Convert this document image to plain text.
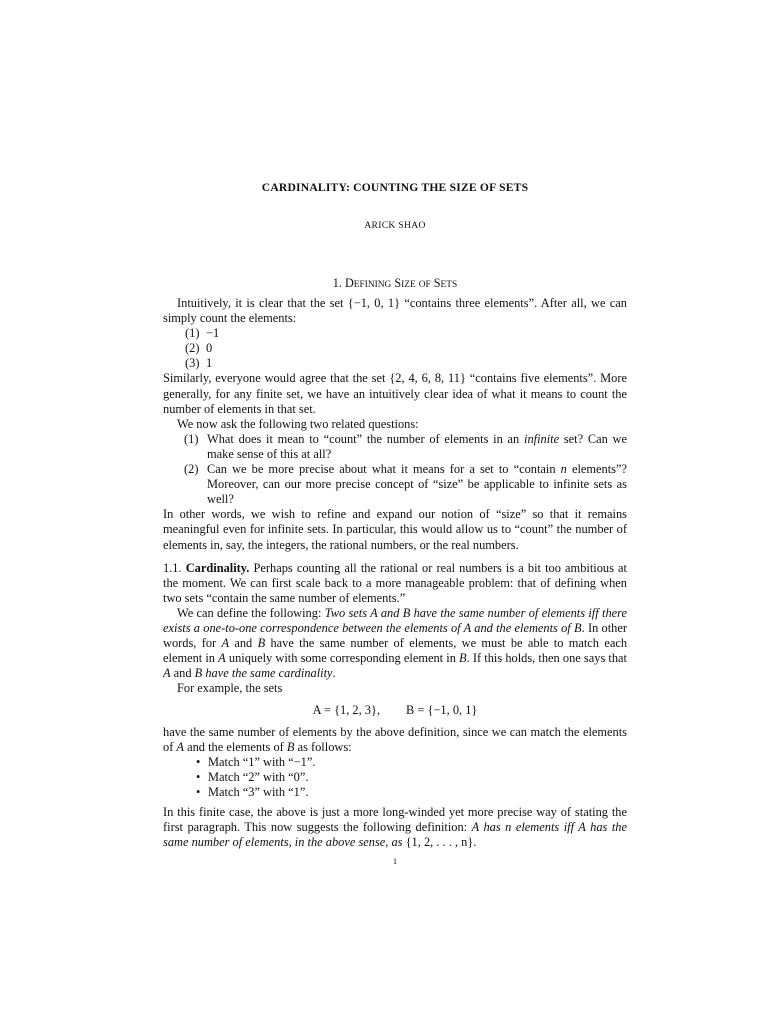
CARDINALITY: COUNTING THE SIZE OF SETS
ARICK SHAO
1. DEFINING SIZE OF SETS

Intuitively, it is clear that the set {−1, 0, 1} “contains three elements”. After all, we can simply count the elements:

(1) −1
(2) 0
(3) 1

Similarly, everyone would agree that the set {2, 4, 6, 8, 11} “contains five elements”. More generally, for any finite set, we have an intuitively clear idea of what it means to count the number of elements in that set.

We now ask the following two related questions:

(1) What does it mean to “count” the number of elements in an infinite set? Can we make sense of this at all?
(2) Can we be more precise about what it means for a set to “contain n elements”? Moreover, can our more precise concept of “size” be applicable to infinite sets as well?

In other words, we wish to refine and expand our notion of “size” so that it remains meaningful even for infinite sets. In particular, this would allow us to “count” the number of elements in, say, the integers, the rational numbers, or the real numbers.

1.1. Cardinality. Perhaps counting all the rational or real numbers is a bit too ambitious at the moment. We can first scale back to a more manageable problem: that of defining when two sets “contain the same number of elements.”

We can define the following: Two sets A and B have the same number of elements iff there exists a one-to-one correspondence between the elements of A and the elements of B. In other words, for A and B have the same number of elements, we must be able to match each element in A uniquely with some corresponding element in B. If this holds, then one says that A and B have the same cardinality.

For example, the sets

A = {1, 2, 3}, B = {−1, 0, 1}

have the same number of elements by the above definition, since we can match the elements of A and the elements of B as follows:

• Match “1” with “−1”.
• Match “2” with “0”.
• Match “3” with “1”.

In this finite case, the above is just a more long-winded yet more precise way of stating the first paragraph. This now suggests the following definition: A has n elements iff A has the same number of elements, in the above sense, as {1, 2, . . . , n}.

1
